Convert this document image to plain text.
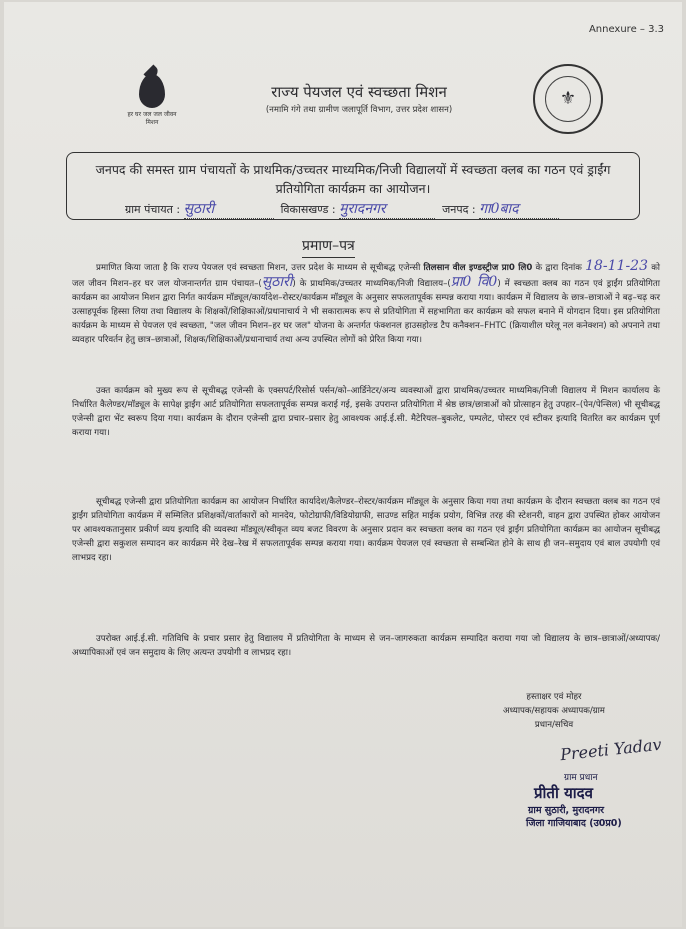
Annexure – 3.3
हर घर जल जल जीवन मिशन
राज्य पेयजल एवं स्वच्छता मिशन
(नमामि गंगे तथा ग्रामीण जलापूर्ति विभाग, उत्तर प्रदेश शासन)
⚜
जनपद की समस्त ग्राम पंचायतों के प्राथमिक/उच्चतर माध्यमिक/निजी विद्यालयों में स्वच्छता क्लब का गठन एवं ड्राईंग प्रतियोगिता कार्यक्रम का आयोजन।
ग्राम पंचायत : सुठारी	विकासखण्ड : मुरादनगर	जनपद : गा0बाद
प्रमाण–पत्र
प्रमाणित किया जाता है कि राज्य पेयजल एवं स्वच्छता मिशन, उत्तर प्रदेश के माध्यम से सूचीबद्ध एजेन्सी तिलसान वील इण्डस्ट्रीज प्रा0 लि0 के द्वारा दिनांक 18-11-23 को जल जीवन मिशन–हर घर जल योजनान्तर्गत ग्राम पंचायत–(सुठारी) के प्राथमिक/उच्चतर माध्यमिक/निजी विद्यालय–(प्रा0 वि0) में स्वच्छता क्लब का गठन एवं ड्राईंग प्रतियोगिता कार्यक्रम का आयोजन मिशन द्वारा निर्गत कार्यक्रम मॉड्यूल/कार्यादेश–रोस्टर/कार्यक्रम मॉड्यूल के अनुसार सफलतापूर्वक सम्पन्न कराया गया। कार्यक्रम में विद्यालय के छात्र–छात्राओं ने बढ़–चढ़ कर उत्साहपूर्वक हिस्सा लिया तथा विद्यालय के शिक्षकों/शिक्षिकाओं/प्रधानाचार्य ने भी सकारात्मक रूप से प्रतियोगिता में सहभागिता कर कार्यक्रम को सफल बनाने में योगदान दिया। इस प्रतियोगिता कार्यक्रम के माध्यम से पेयजल एवं स्वच्छता, "जल जीवन मिशन–हर घर जल" योजना के अन्तर्गत फंक्शनल हाउसहोल्ड टैप कनैक्शन–FHTC (क्रियाशील घरेलू नल कनेक्शन) को अपनाने तथा व्यवहार परिवर्तन हेतु छात्र–छात्राओं, शिक्षक/शिक्षिकाओं/प्रधानाचार्य तथा अन्य उपस्थित लोगों को प्रेरित किया गया।
उक्त कार्यक्रम को मुख्य रूप से सूचीबद्ध एजेन्सी के एक्सपर्ट/रिसोर्स पर्सन/को–आर्डिनेटर/अन्य व्यवस्थाओं द्वारा प्राथमिक/उच्चतर माध्यमिक/निजी विद्यालय में मिशन कार्यालय के निर्धारित कैलेण्डर/मॉड्यूल के सापेक्ष ड्राईंग आर्ट प्रतियोगिता सफलतापूर्वक सम्पन्न कराई गई, इसके उपरान्त प्रतियोगिता में श्रेष्ठ छात्र/छात्राओं को प्रोत्साहन हेतु उपहार–(पेन/पेन्सिल) भी सूचीबद्ध एजेन्सी द्वारा भेंट स्वरूप दिया गया। कार्यक्रम के दौरान एजेन्सी द्वारा प्रचार–प्रसार हेतु आवश्यक आई.ई.सी. मैटेरियल–बुकलेट, पम्पलेट, पोस्टर एवं स्टीकर इत्यादि वितरित कर कार्यक्रम पूर्ण कराया गया।
सूचीबद्ध एजेन्सी द्वारा प्रतियोगिता कार्यक्रम का आयोजन निर्धारित कार्यादेश/कैलेण्डर–रोस्टर/कार्यक्रम मॉड्यूल के अनुसार किया गया तथा कार्यक्रम के दौरान स्वच्छता क्लब का गठन एवं ड्राईंग प्रतियोगिता कार्यक्रम में सम्मिलित प्रशिक्षकों/वार्ताकारों को मानदेय, फोटोग्राफी/विडियोग्राफी, साउण्ड सहित माईक प्रयोग, विभिन्न तरह की स्टेशनरी, वाहन द्वारा उपस्थित होकर आयोजन पर आवश्यकतानुसार प्रकीर्ण व्यय इत्यादि की व्यवस्था मॉड्यूल/स्वीकृत व्यय बजट विवरण के अनुसार प्रदान कर स्वच्छता क्लब का गठन एवं ड्राईंग प्रतियोगिता कार्यक्रम का आयोजन सूचीबद्ध एजेन्सी द्वारा सकुशल सम्पादन कर कार्यक्रम मेरे देख–रेख में सफलतापूर्वक सम्पन्न कराया गया। कार्यक्रम पेयजल एवं स्वच्छता से सम्बन्धित होने के साथ ही जन–समुदाय एवं बाल उपयोगी एवं लाभप्रद रहा।
उपरोक्त आई.ई.सी. गतिविधि के प्रचार प्रसार हेतु विद्यालय में प्रतियोगिता के माध्यम से जन–जागरुकता कार्यक्रम सम्पादित कराया गया जो विद्यालय के छात्र–छात्राओं/अध्यापक/अध्यापिकाओं एवं जन समुदाय के लिए अत्यन्त उपयोगी व लाभप्रद रहा।
हस्ताक्षर एवं मोहर
अध्यापक/सहायक अध्यापक/ग्राम
प्रधान/सचिव
Preeti Yadav
ग्राम प्रधान
प्रीती यादव
ग्राम सुठारी, मुरादनगर
जिला गाजियाबाद (उ0प्र0)
